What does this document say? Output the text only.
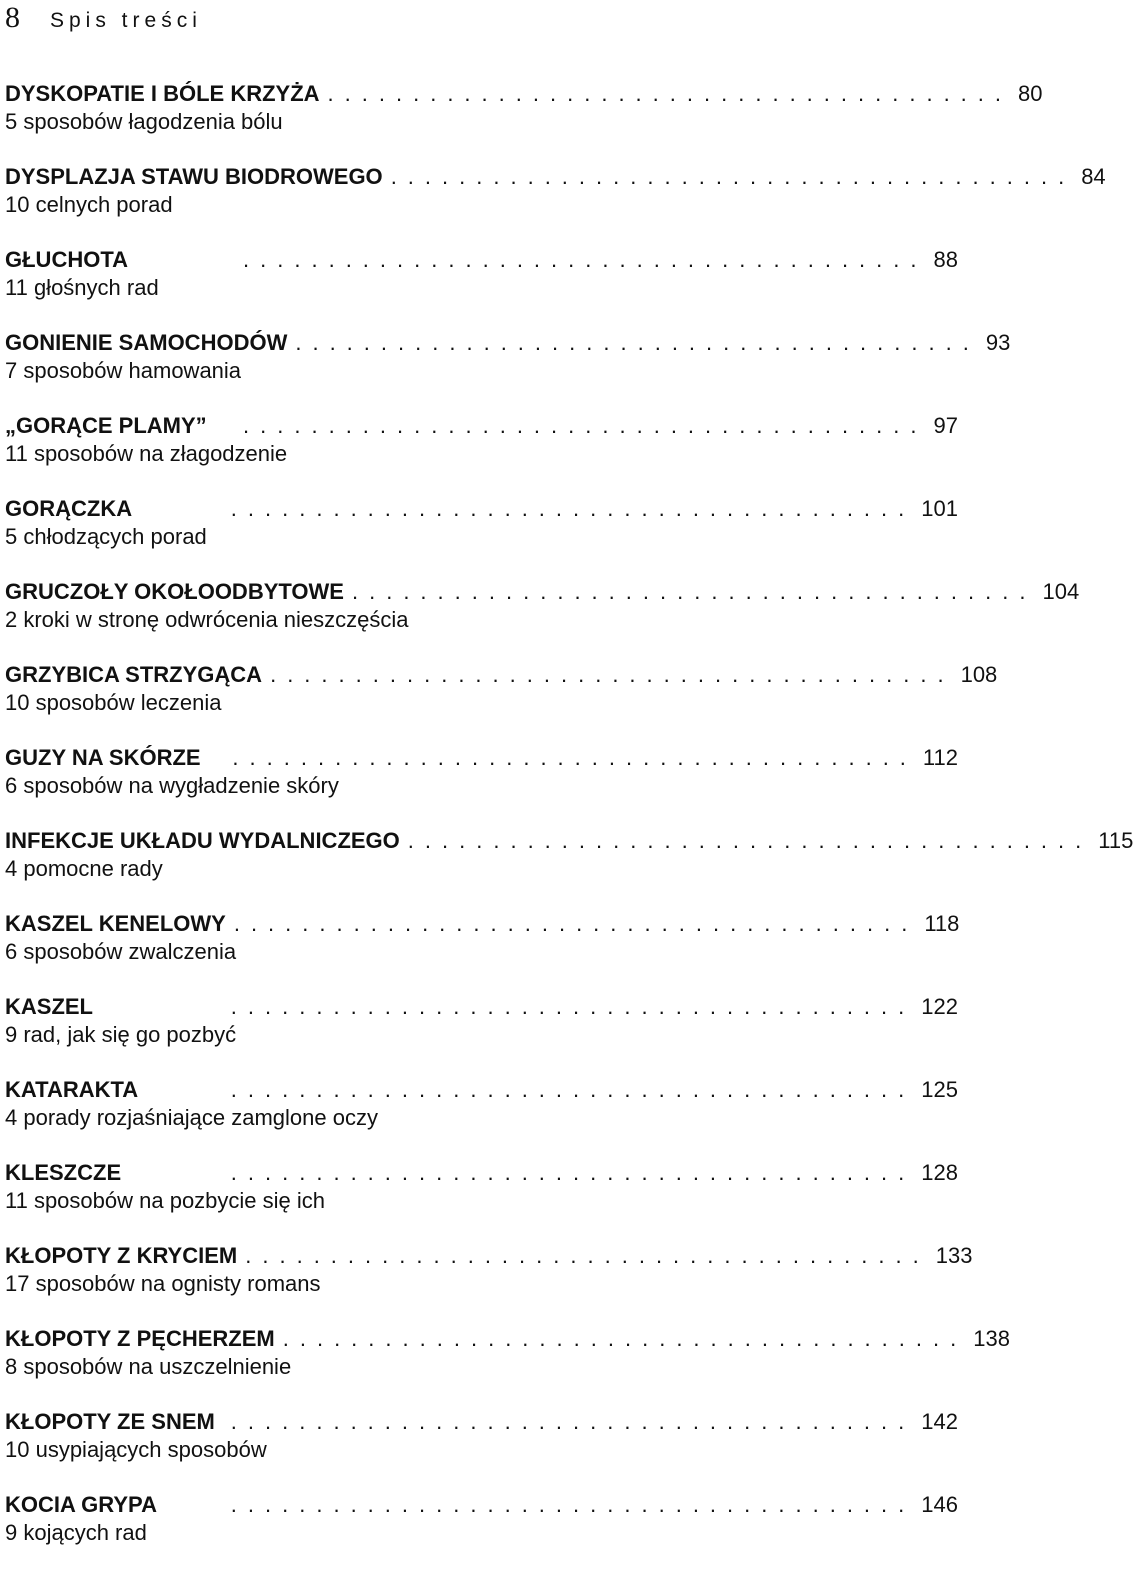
8 Spis treści
DYSKOPATIE I BÓLE KRZYŻA ........................................ 80
5 sposobów łagodzenia bólu
DYSPLAZJA STAWU BIODROWEGO ........................................ 84
10 celnych porad
GŁUCHOTA	........................................ 88
11 głośnych rad
GONIENIE SAMOCHODÓW ........................................ 93
7 sposobów hamowania
„GORĄCE PLAMY”	........................................ 97
11 sposobów na złagodzenie
GORĄCZKA	........................................ 101
5 chłodzących porad
GRUCZOŁY OKOŁOODBYTOWE ........................................ 104
2 kroki w stronę odwrócenia nieszczęścia
GRZYBICA STRZYGĄCA ........................................ 108
10 sposobów leczenia
GUZY NA SKÓRZE	........................................ 112
6 sposobów na wygładzenie skóry
INFEKCJE UKŁADU WYDALNICZEGO ........................................ 115
4 pomocne rady
KASZEL KENELOWY ........................................ 118
6 sposobów zwalczenia
KASZEL	........................................ 122
9 rad, jak się go pozbyć
KATARAKTA	........................................ 125
4 porady rozjaśniające zamglone oczy
KLESZCZE	........................................ 128
11 sposobów na pozbycie się ich
KŁOPOTY Z KRYCIEM ........................................ 133
17 sposobów na ognisty romans
KŁOPOTY Z PĘCHERZEM ........................................ 138
8 sposobów na uszczelnienie
KŁOPOTY ZE SNEM ........................................ 142
10 usypiających sposobów
KOCIA GRYPA	........................................ 146
9 kojących rad
